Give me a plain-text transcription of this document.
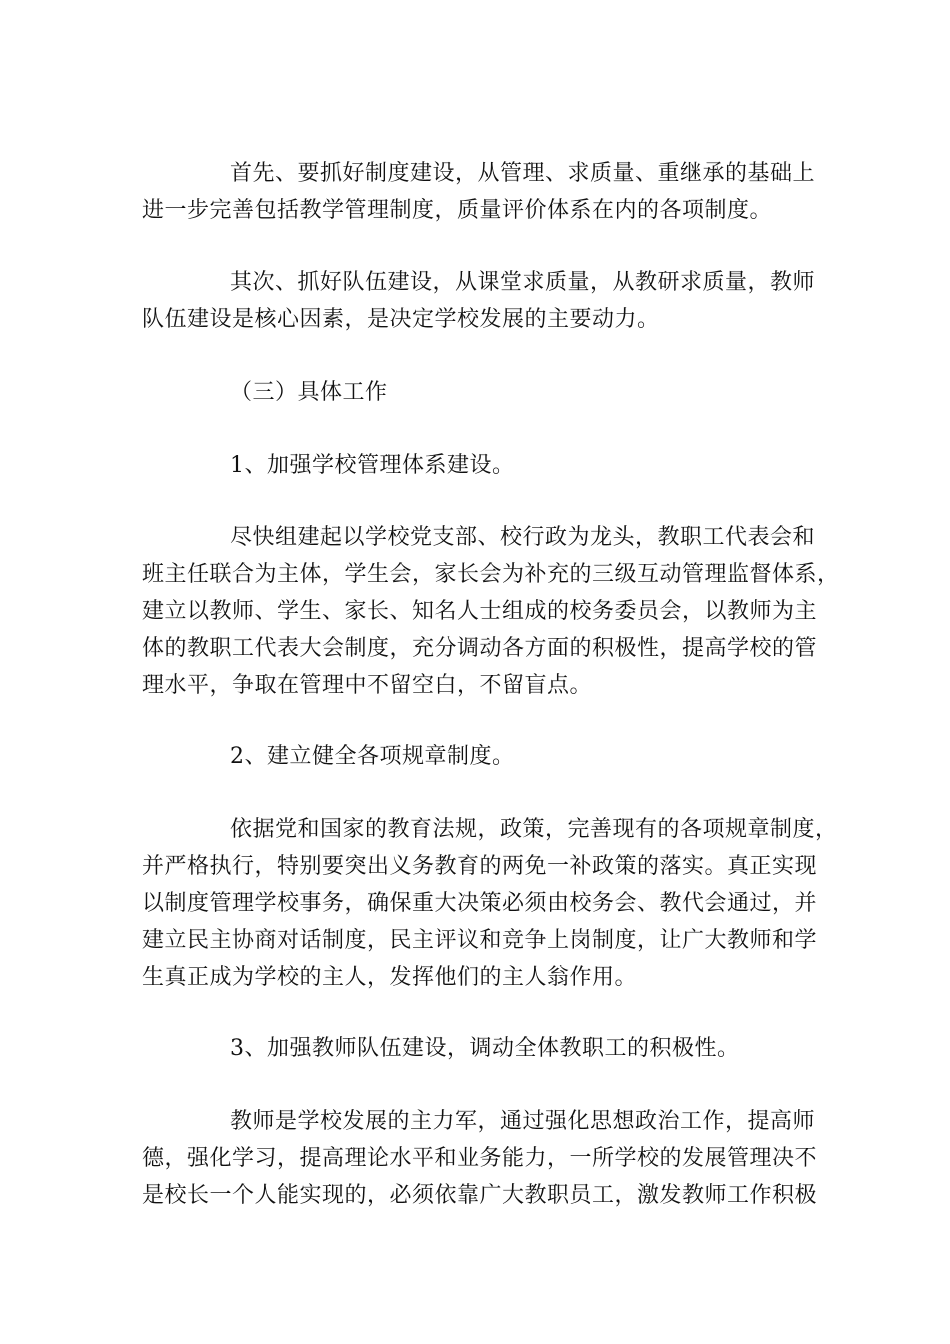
首先、要抓好制度建设，从管理、求质量、重继承的基础上
进一步完善包括教学管理制度，质量评价体系在内的各项制度。
其次、抓好队伍建设，从课堂求质量，从教研求质量，教师
队伍建设是核心因素，是决定学校发展的主要动力。
（三）具体工作
1、加强学校管理体系建设。
尽快组建起以学校党支部、校行政为龙头，教职工代表会和
班主任联合为主体，学生会，家长会为补充的三级互动管理监督体系，
建立以教师、学生、家长、知名人士组成的校务委员会，以教师为主
体的教职工代表大会制度，充分调动各方面的积极性，提高学校的管
理水平，争取在管理中不留空白，不留盲点。
2、建立健全各项规章制度。
依据党和国家的教育法规，政策，完善现有的各项规章制度，
并严格执行，特别要突出义务教育的两免一补政策的落实。真正实现
以制度管理学校事务，确保重大决策必须由校务会、教代会通过，并
建立民主协商对话制度，民主评议和竞争上岗制度，让广大教师和学
生真正成为学校的主人，发挥他们的主人翁作用。
3、加强教师队伍建设，调动全体教职工的积极性。
教师是学校发展的主力军，通过强化思想政治工作，提高师
德，强化学习，提高理论水平和业务能力，一所学校的发展管理决不
是校长一个人能实现的，必须依靠广大教职员工，激发教师工作积极
